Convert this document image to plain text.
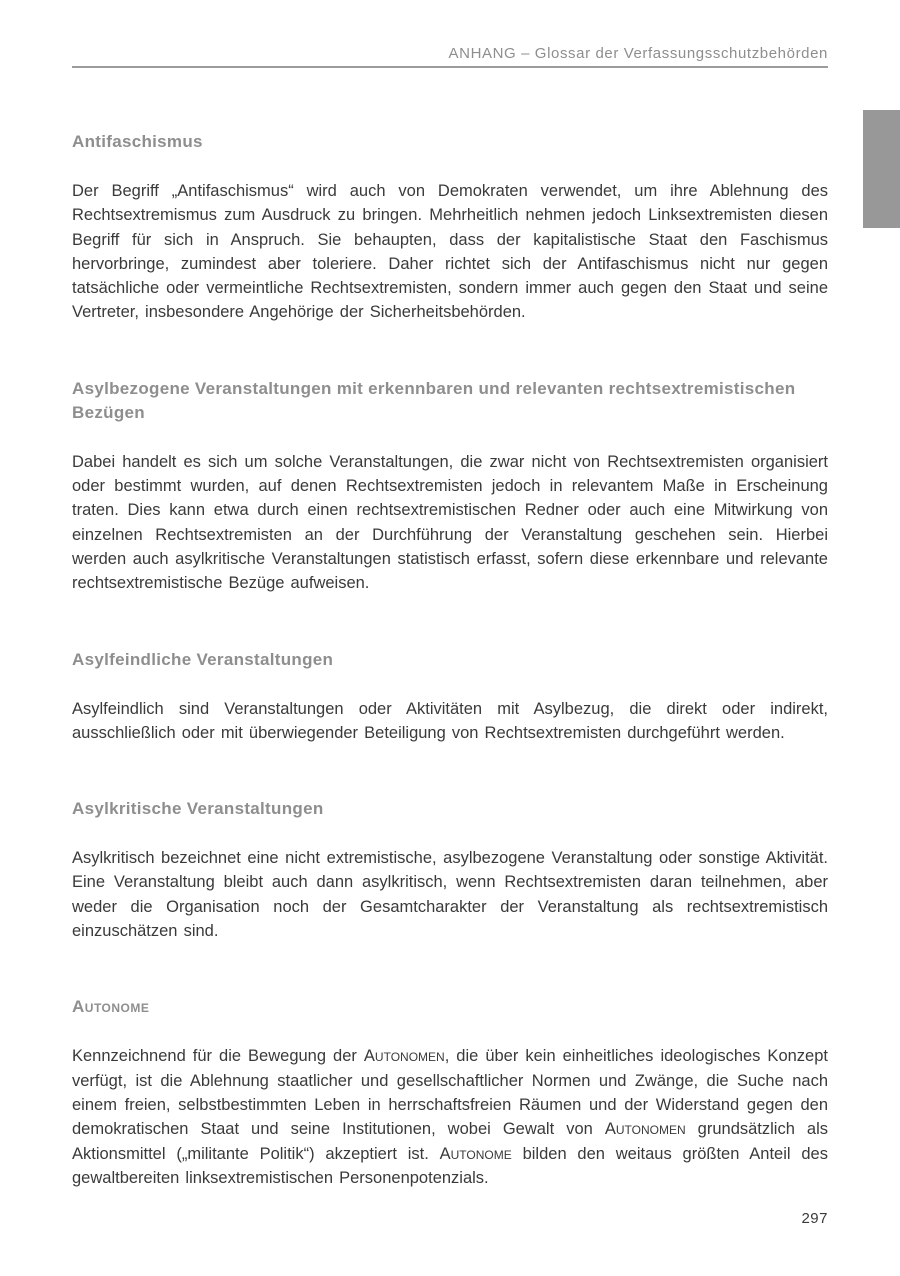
ANHANG – Glossar der Verfassungsschutzbehörden
Antifaschismus

Der Begriff „Antifaschismus“ wird auch von Demokraten verwendet, um ihre Ablehnung des Rechtsextremismus zum Ausdruck zu bringen. Mehrheitlich nehmen jedoch Linksextremisten diesen Begriff für sich in Anspruch. Sie behaupten, dass der kapitalistische Staat den Faschismus hervorbringe, zumindest aber toleriere. Daher richtet sich der Antifaschismus nicht nur gegen tatsächliche oder vermeintliche Rechtsextremisten, sondern immer auch gegen den Staat und seine Vertreter, insbesondere Angehörige der Sicherheitsbehörden.

Asylbezogene Veranstaltungen mit erkennbaren und relevanten rechtsextremistischen Bezügen

Dabei handelt es sich um solche Veranstaltungen, die zwar nicht von Rechtsextremisten organisiert oder bestimmt wurden, auf denen Rechtsextremisten jedoch in relevantem Maße in Erscheinung traten. Dies kann etwa durch einen rechtsextremistischen Redner oder auch eine Mitwirkung von einzelnen Rechtsextremisten an der Durchführung der Veranstaltung geschehen sein. Hierbei werden auch asylkritische Veranstaltungen statistisch erfasst, sofern diese erkennbare und relevante rechtsextremistische Bezüge aufweisen.

Asylfeindliche Veranstaltungen

Asylfeindlich sind Veranstaltungen oder Aktivitäten mit Asylbezug, die direkt oder indirekt, ausschließlich oder mit überwiegender Beteiligung von Rechtsextremisten durchgeführt werden.

Asylkritische Veranstaltungen

Asylkritisch bezeichnet eine nicht extremistische, asylbezogene Veranstaltung oder sonstige Aktivität. Eine Veranstaltung bleibt auch dann asylkritisch, wenn Rechtsextremisten daran teilnehmen, aber weder die Organisation noch der Gesamtcharakter der Veranstaltung als rechtsextremistisch einzuschätzen sind.

Autonome

Kennzeichnend für die Bewegung der Autonomen, die über kein einheitliches ideologisches Konzept verfügt, ist die Ablehnung staatlicher und gesellschaftlicher Normen und Zwänge, die Suche nach einem freien, selbstbestimmten Leben in herrschaftsfreien Räumen und der Widerstand gegen den demokratischen Staat und seine Institutionen, wobei Gewalt von Autonomen grundsätzlich als Aktionsmittel („militante Politik“) akzeptiert ist. Autonome bilden den weitaus größten Anteil des gewaltbereiten linksextremistischen Personenpotenzials.

297
